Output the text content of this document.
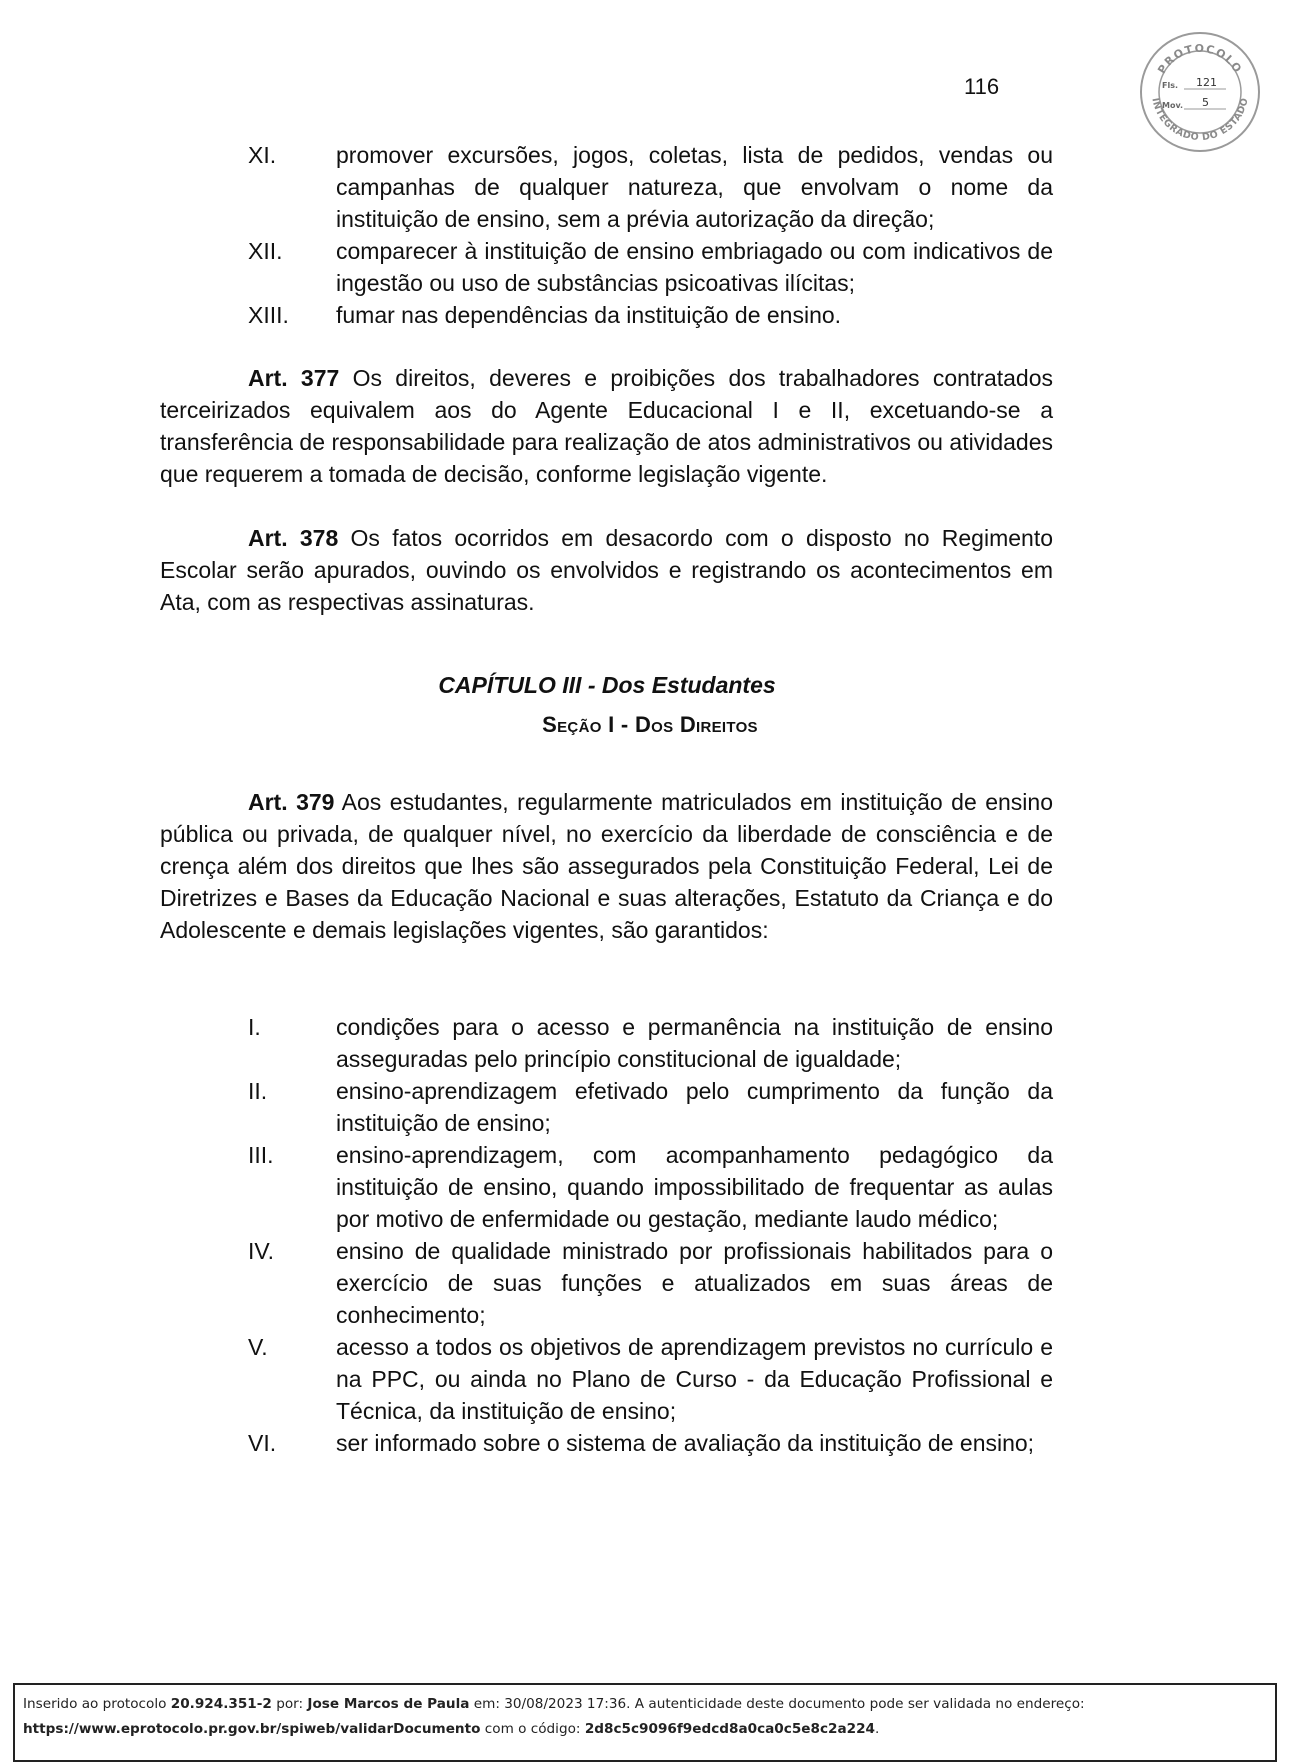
116
PROTOCOLO
INTEGRADO DO ESTADO
Fls. 121
Mov. 5
XI.	promover excursões, jogos, coletas, lista de pedidos, vendas ou campanhas de qualquer natureza, que envolvam o nome da instituição de ensino, sem a prévia autorização da direção;
XII. comparecer à instituição de ensino embriagado ou com indicativos de ingestão ou uso de substâncias psicoativas ilícitas;
XIII. fumar nas dependências da instituição de ensino.
Art. 377 Os direitos, deveres e proibições dos trabalhadores contratados terceirizados equivalem aos do Agente Educacional I e II, excetuando-se a transferência de responsabilidade para realização de atos administrativos ou atividades que requerem a tomada de decisão, conforme legislação vigente.
Art. 378 Os fatos ocorridos em desacordo com o disposto no Regimento Escolar serão apurados, ouvindo os envolvidos e registrando os acontecimentos em Ata, com as respectivas assinaturas.
CAPÍTULO III - Dos Estudantes
Seção I - Dos Direitos
Art. 379 Aos estudantes, regularmente matriculados em instituição de ensino pública ou privada, de qualquer nível, no exercício da liberdade de consciência e de crença além dos direitos que lhes são assegurados pela Constituição Federal, Lei de Diretrizes e Bases da Educação Nacional e suas alterações, Estatuto da Criança e do Adolescente e demais legislações vigentes, são garantidos:
I.	condições para o acesso e permanência na instituição de ensino asseguradas pelo princípio constitucional de igualdade;
II.	ensino-aprendizagem efetivado pelo cumprimento da função da instituição de ensino;
III.	ensino-aprendizagem, com acompanhamento pedagógico da instituição de ensino, quando impossibilitado de frequentar as aulas por motivo de enfermidade ou gestação, mediante laudo médico;
IV.	ensino de qualidade ministrado por profissionais habilitados para o exercício de suas funções e atualizados em suas áreas de conhecimento;
V.	acesso a todos os objetivos de aprendizagem previstos no currículo e na PPC, ou ainda no Plano de Curso - da Educação Profissional e Técnica, da instituição de ensino;
VI.	ser informado sobre o sistema de avaliação da instituição de ensino;
Inserido ao protocolo 20.924.351-2 por: Jose Marcos de Paula em: 30/08/2023 17:36. A autenticidade deste documento pode ser validada no endereço:
https://www.eprotocolo.pr.gov.br/spiweb/validarDocumento com o código: 2d8c5c9096f9edcd8a0ca0c5e8c2a224.
